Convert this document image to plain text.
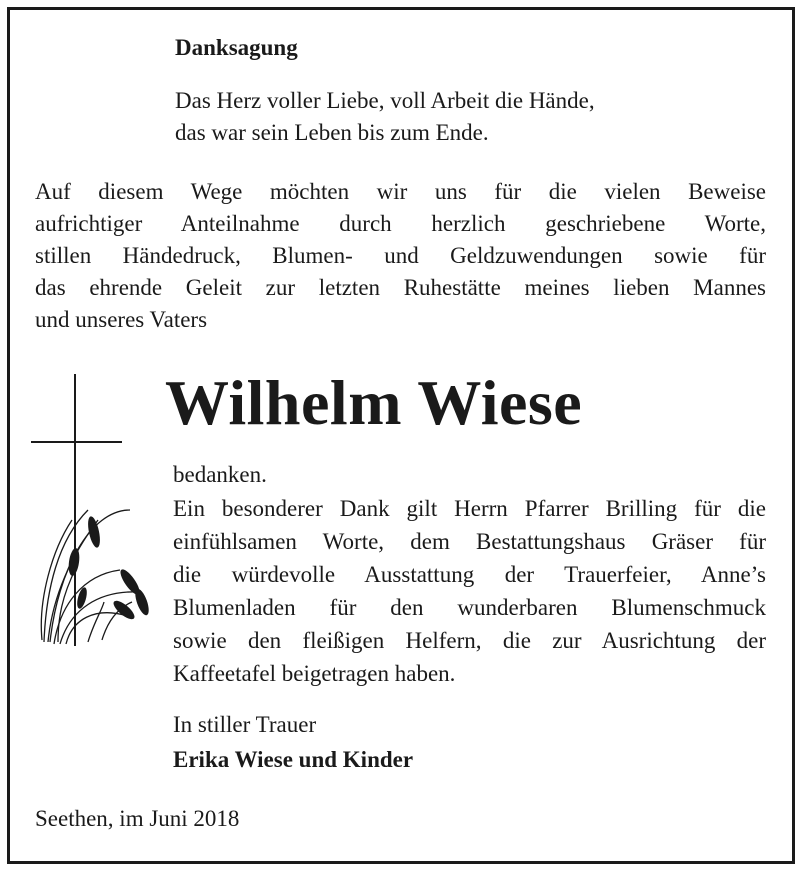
Danksagung
Das Herz voller Liebe, voll Arbeit die Hände,
das war sein Leben bis zum Ende.
Auf diesem Wege möchten wir uns für die vielen Beweise
aufrichtiger Anteilnahme durch herzlich geschriebene Worte,
stillen Händedruck, Blumen- und Geldzuwendungen sowie für
das ehrende Geleit zur letzten Ruhestätte meines lieben Mannes
und unseres Vaters
Wilhelm Wiese
bedanken.
Ein besonderer Dank gilt Herrn Pfarrer Brilling für die
einfühlsamen Worte, dem Bestattungshaus Gräser für
die würdevolle Ausstattung der Trauerfeier, Anne’s
Blumenladen für den wunderbaren Blumenschmuck
sowie den fleißigen Helfern, die zur Ausrichtung der
Kaffeetafel beigetragen haben.
In stiller Trauer
Erika Wiese und Kinder
Seethen, im Juni 2018
